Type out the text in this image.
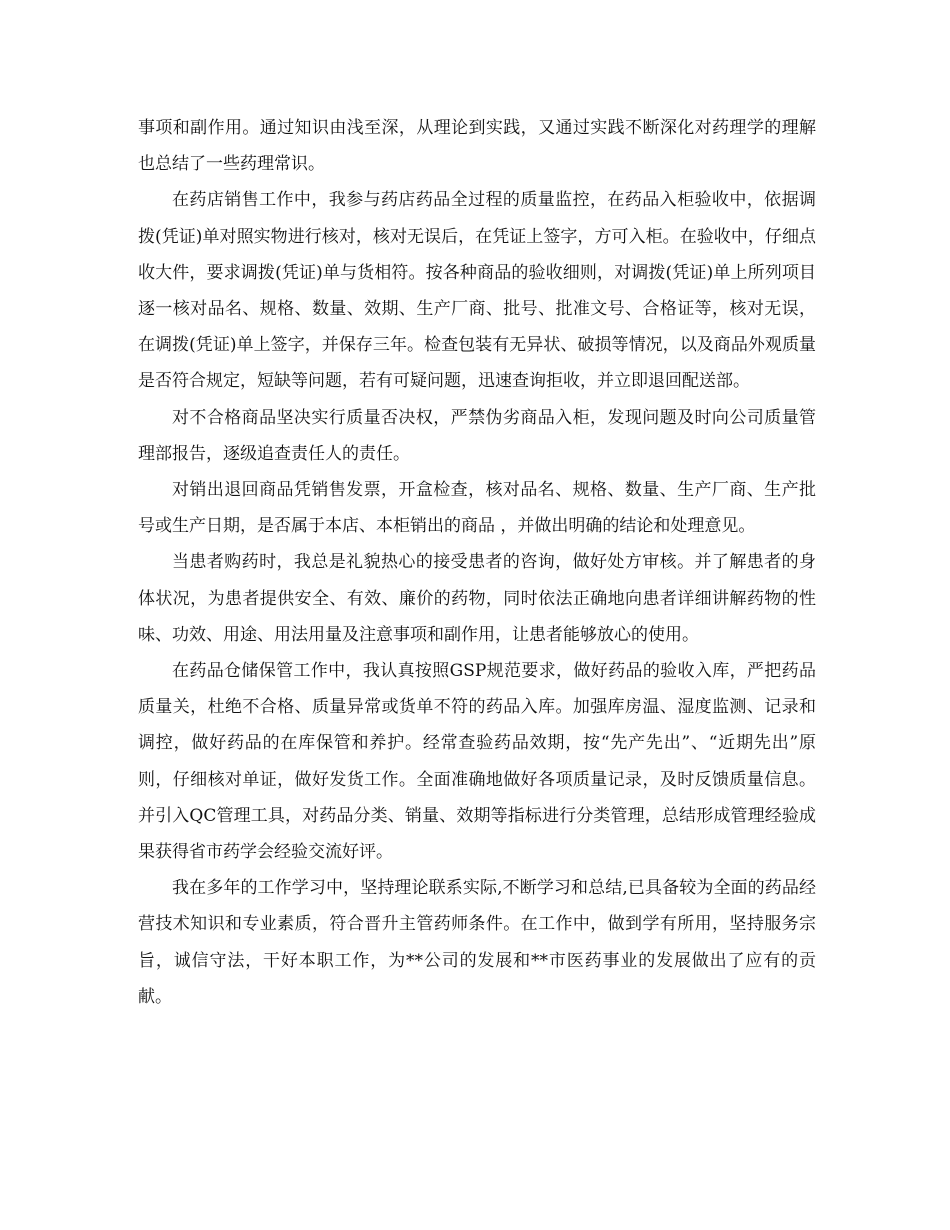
事项和副作用。通过知识由浅至深，从理论到实践，又通过实践不断深化对药理学的理解也总结了一些药理常识。

在药店销售工作中，我参与药店药品全过程的质量监控，在药品入柜验收中，依据调拨(凭证)单对照实物进行核对，核对无误后，在凭证上签字，方可入柜。在验收中，仔细点收大件，要求调拨(凭证)单与货相符。按各种商品的验收细则，对调拨(凭证)单上所列项目逐一核对品名、规格、数量、效期、生产厂商、批号、批准文号、合格证等，核对无误，在调拨(凭证)单上签字，并保存三年。检查包装有无异状、破损等情况，以及商品外观质量是否符合规定，短缺等问题，若有可疑问题，迅速查询拒收，并立即退回配送部。

对不合格商品坚决实行质量否决权，严禁伪劣商品入柜，发现问题及时向公司质量管理部报告，逐级追查责任人的责任。

对销出退回商品凭销售发票，开盒检查，核对品名、规格、数量、生产厂商、生产批号或生产日期，是否属于本店、本柜销出的商品 ，并做出明确的结论和处理意见。

当患者购药时，我总是礼貌热心的接受患者的咨询，做好处方审核。并了解患者的身体状况，为患者提供安全、有效、廉价的药物，同时依法正确地向患者详细讲解药物的性味、功效、用途、用法用量及注意事项和副作用，让患者能够放心的使用。

在药品仓储保管工作中，我认真按照GSP规范要求，做好药品的验收入库，严把药品质量关，杜绝不合格、质量异常或货单不符的药品入库。加强库房温、湿度监测、记录和调控，做好药品的在库保管和养护。经常查验药品效期，按“先产先出”、“近期先出”原则，仔细核对单证，做好发货工作。全面准确地做好各项质量记录，及时反馈质量信息。并引入QC管理工具，对药品分类、销量、效期等指标进行分类管理，总结形成管理经验成果获得省市药学会经验交流好评。

我在多年的工作学习中，坚持理论联系实际,不断学习和总结,已具备较为全面的药品经营技术知识和专业素质，符合晋升主管药师条件。在工作中，做到学有所用，坚持服务宗旨，诚信守法，干好本职工作，为**公司的发展和**市医药事业的发展做出了应有的贡献。
